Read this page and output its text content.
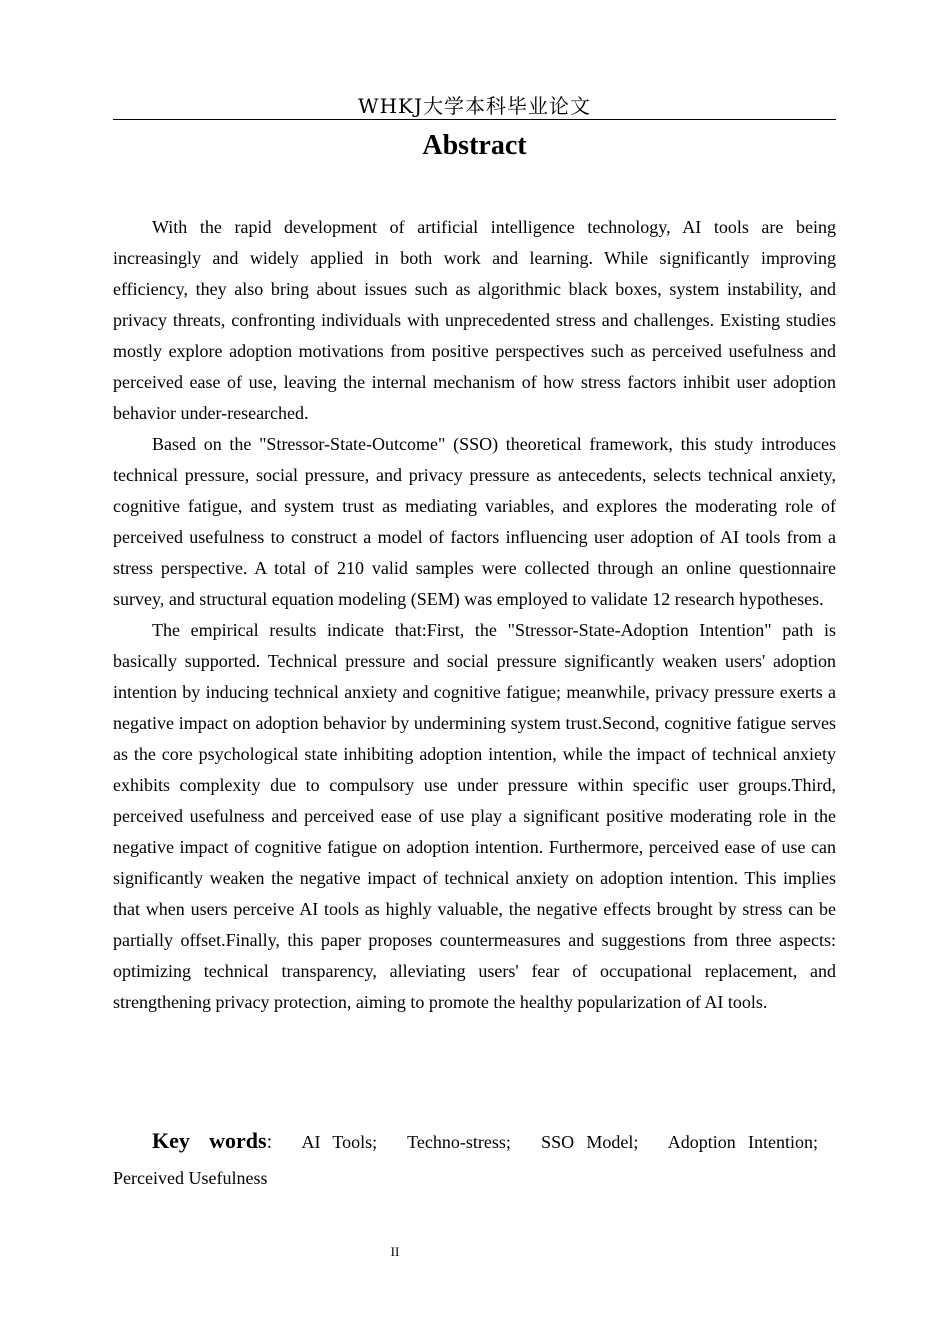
WHKJ大学本科毕业论文
Abstract

With the rapid development of artificial intelligence technology, AI tools are being increasingly and widely applied in both work and learning. While significantly improving efficiency, they also bring about issues such as algorithmic black boxes, system instability, and privacy threats, confronting individuals with unprecedented stress and challenges. Existing studies mostly explore adoption motivations from positive perspectives such as perceived usefulness and perceived ease of use, leaving the internal mechanism of how stress factors inhibit user adoption behavior under-researched.

Based on the "Stressor-State-Outcome" (SSO) theoretical framework, this study introduces technical pressure, social pressure, and privacy pressure as antecedents, selects technical anxiety, cognitive fatigue, and system trust as mediating variables, and explores the moderating role of perceived usefulness to construct a model of factors influencing user adoption of AI tools from a stress perspective. A total of 210 valid samples were collected through an online questionnaire survey, and structural equation modeling (SEM) was employed to validate 12 research hypotheses.

The empirical results indicate that:First, the "Stressor-State-Adoption Intention" path is basically supported. Technical pressure and social pressure significantly weaken users' adoption intention by inducing technical anxiety and cognitive fatigue; meanwhile, privacy pressure exerts a negative impact on adoption behavior by undermining system trust.Second, cognitive fatigue serves as the core psychological state inhibiting adoption intention, while the impact of technical anxiety exhibits complexity due to compulsory use under pressure within specific user groups.Third, perceived usefulness and perceived ease of use play a significant positive moderating role in the negative impact of cognitive fatigue on adoption intention. Furthermore, perceived ease of use can significantly weaken the negative impact of technical anxiety on adoption intention. This implies that when users perceive AI tools as highly valuable, the negative effects brought by stress can be partially offset.Finally, this paper proposes countermeasures and suggestions from three aspects: optimizing technical transparency, alleviating users' fear of occupational replacement, and strengthening privacy protection, aiming to promote the healthy popularization of AI tools.

Key words: AI Tools; Techno-stress; SSO Model; Adoption Intention; Perceived Usefulness
II
